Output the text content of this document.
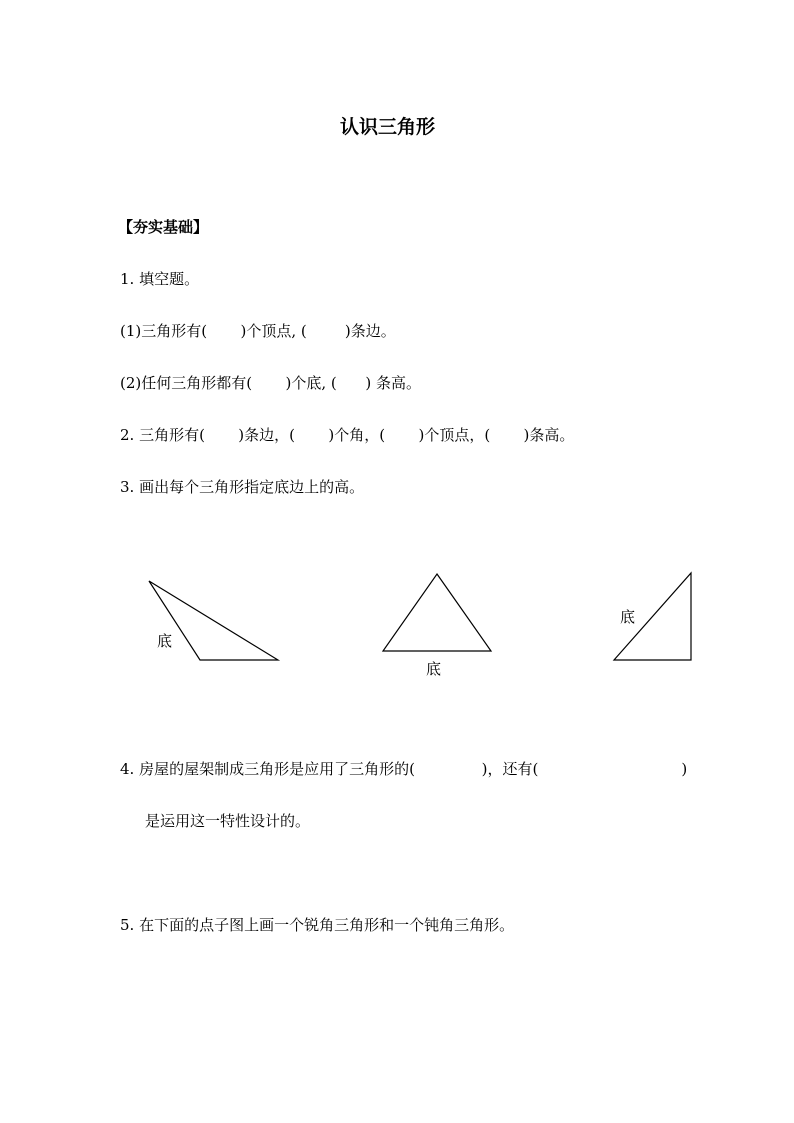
认识三角形
【夯实基础】
1. 填空题。
(1)三角形有(       )个顶点, (        )条边。
(2)任何三角形都有(       )个底, (      ) 条高。
2. 三角形有(       )条边，(       )个角，(       )个顶点，(       )条高。
3. 画出每个三角形指定底边上的高。
底
底
底
4. 房屋的屋架制成三角形是应用了三角形的(              )，还有(                              )
是运用这一特性设计的。
5. 在下面的点子图上画一个锐角三角形和一个钝角三角形。
